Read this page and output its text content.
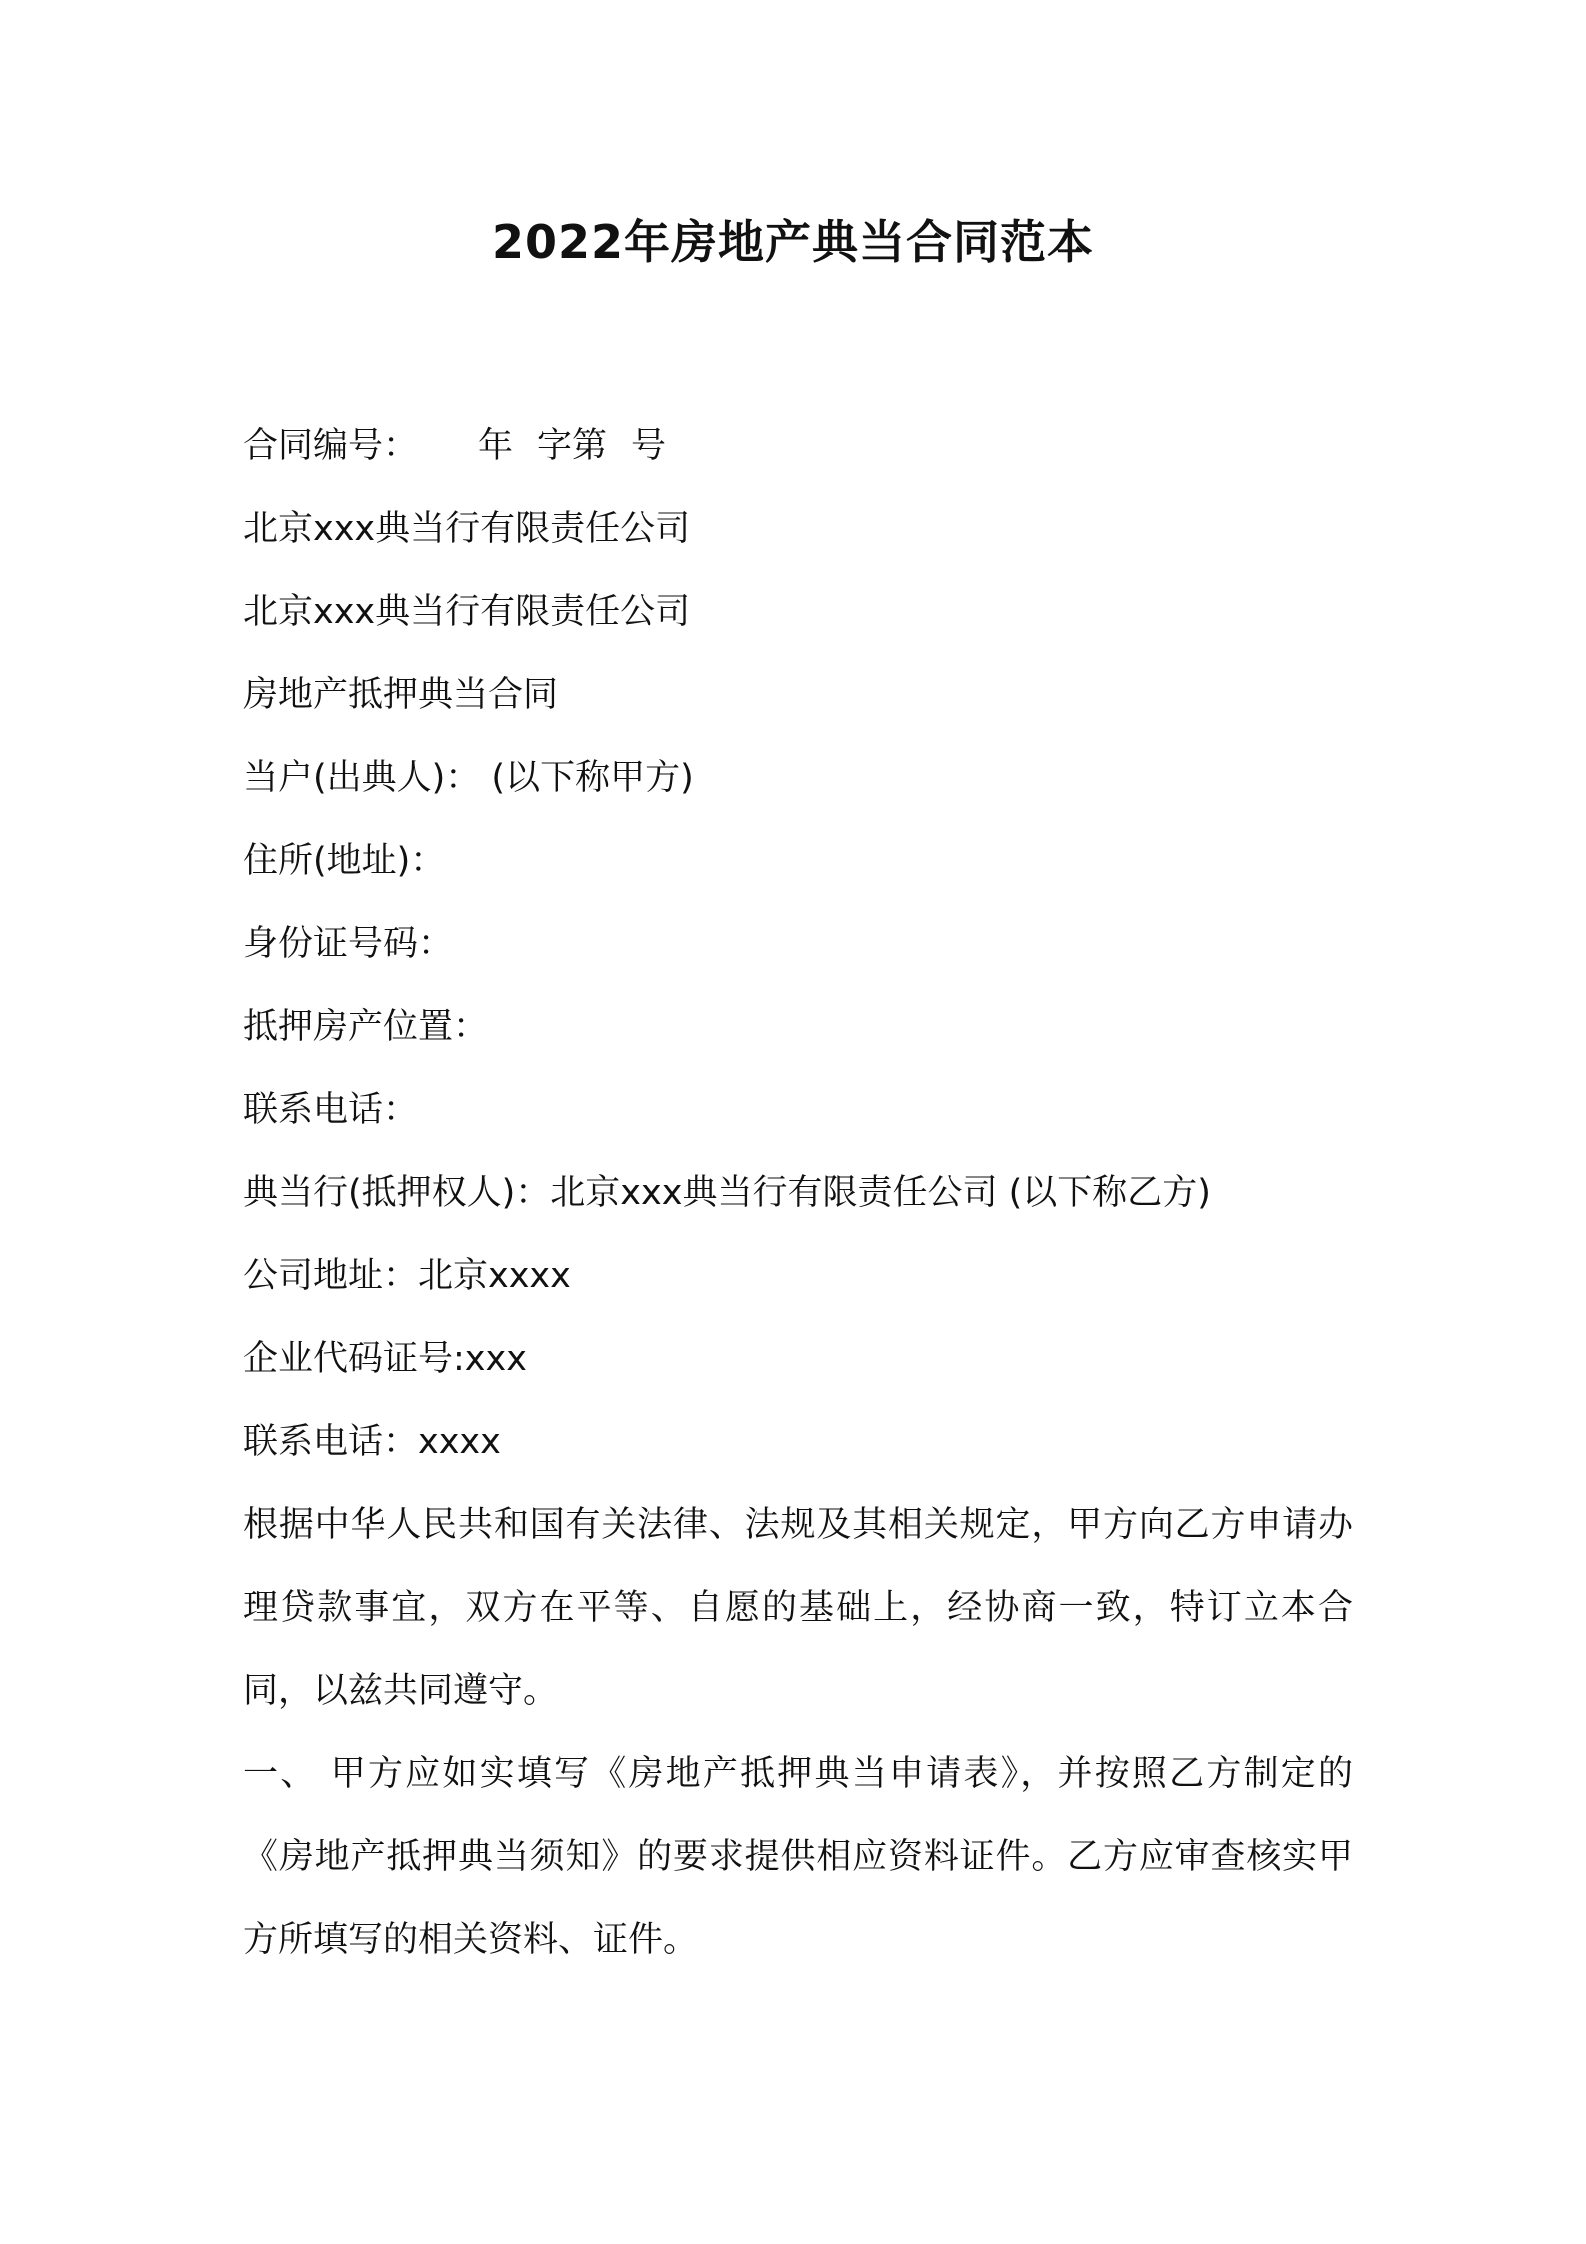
2022年房地产典当合同范本
合同编号： 年 字第 号
北京xxx典当行有限责任公司
北京xxx典当行有限责任公司
房地产抵押典当合同
当户(出典人)： (以下称甲方)
住所(地址)：
身份证号码：
抵押房产位置：
联系电话：
典当行(抵押权人)：北京xxx典当行有限责任公司 (以下称乙方)
公司地址：北京xxxx
企业代码证号:xxx
联系电话：xxxx
根据中华人民共和国有关法律、法规及其相关规定，甲方向乙方申请办理贷款事宜，双方在平等、自愿的基础上，经协商一致，特订立本合同，以兹共同遵守。
一、 甲方应如实填写《房地产抵押典当申请表》，并按照乙方制定的《房地产抵押典当须知》的要求提供相应资料证件。乙方应审查核实甲方所填写的相关资料、证件。
